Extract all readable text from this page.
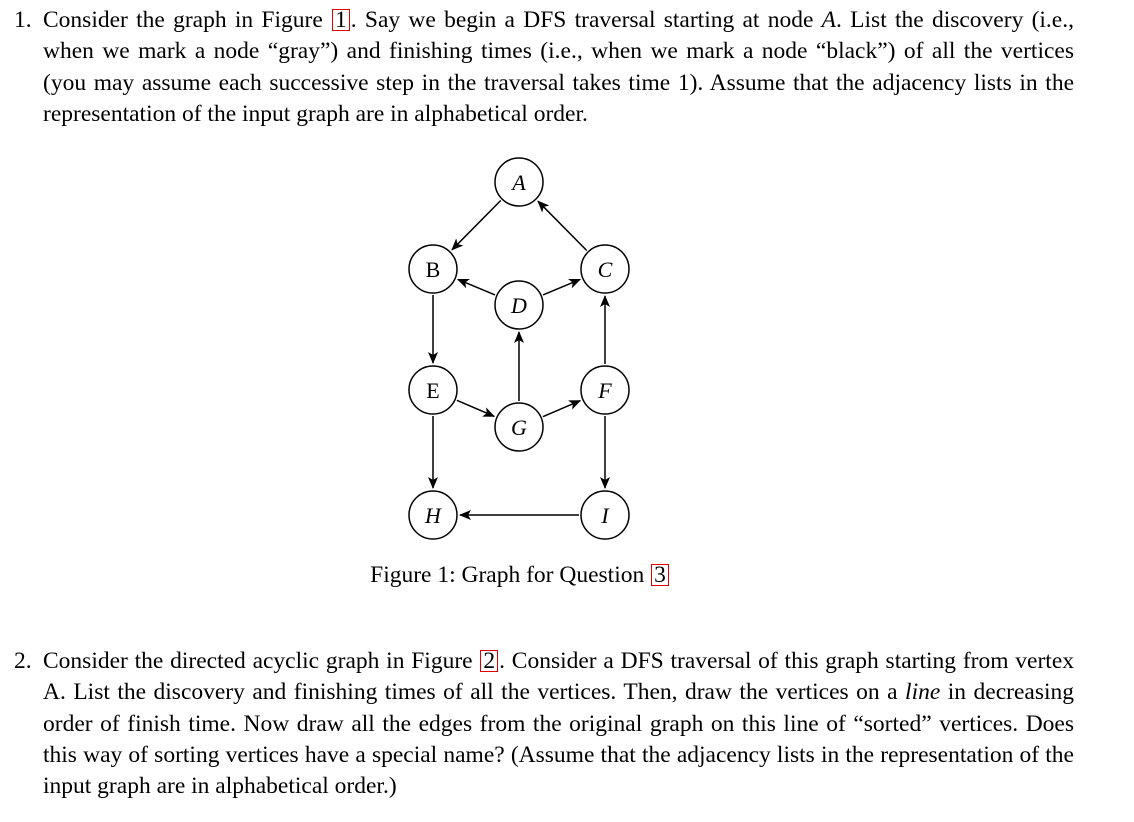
1. Consider the graph in Figure 1 . Say we begin a DFS traversal starting at node A. List the discovery (i.e., when we mark a node “gray”) and finishing times (i.e., when we mark a node “black”) of all the vertices (you may assume each successive step in the traversal takes time 1). Assume that the adjacency lists in the representation of the input graph are in alphabetical order.
A
B	C
D
E	F
G
H	I
Figure 1: Graph for Question 3
2. Consider the directed acyclic graph in Figure 2 . Consider a DFS traversal of this graph starting from vertex A. List the discovery and finishing times of all the vertices. Then, draw the vertices on a line in decreasing order of finish time. Now draw all the edges from the original graph on this line of “sorted” vertices. Does this way of sorting vertices have a special name? (Assume that the adjacency lists in the representation of the input graph are in alphabetical order.)
